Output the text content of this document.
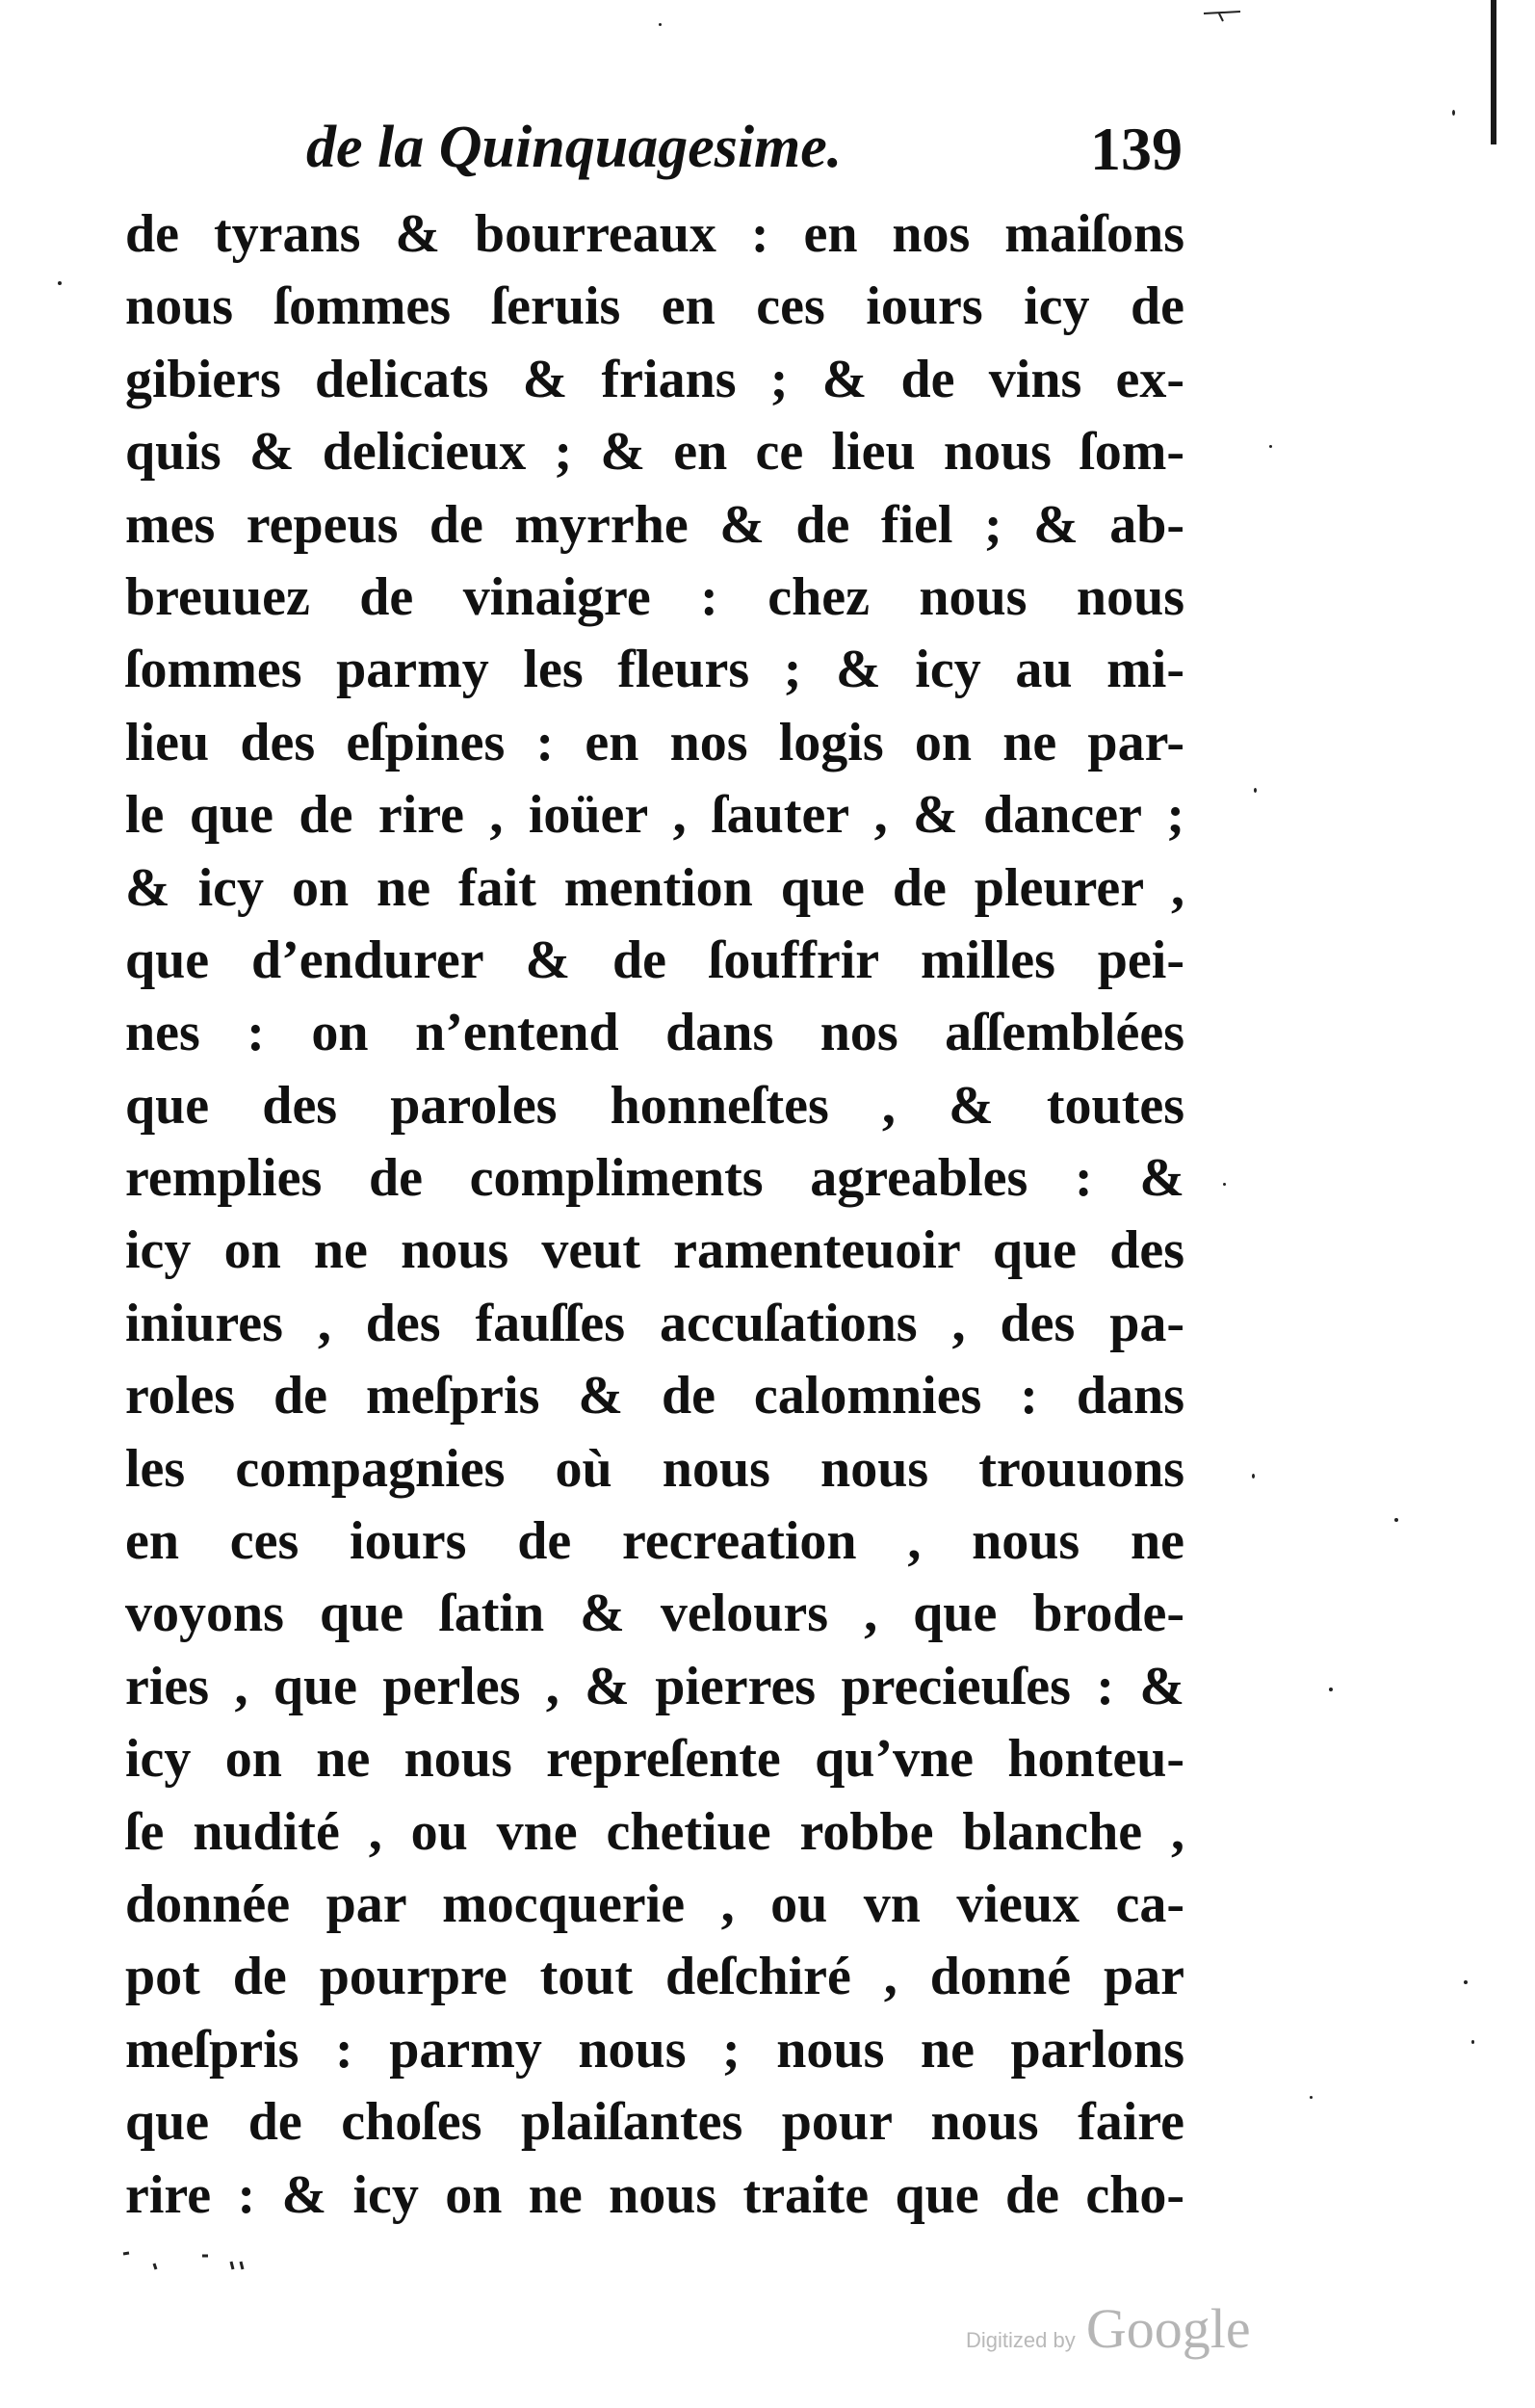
de la Quinquagesime.	139
de tyrans & bourreaux : en nos maiſons
nous ſommes ſeruis en ces iours icy de
gibiers delicats & frians ; & de vins ex-
quis & delicieux ; & en ce lieu nous ſom-
mes repeus de myrrhe & de fiel ; & ab-
breuuez de vinaigre : chez nous nous
ſommes parmy les fleurs ; & icy au mi-
lieu des eſpines : en nos logis on ne par-
le que de rire , ioüer , ſauter , & dancer ;
& icy on ne fait mention que de pleurer ,
que d’endurer & de ſouffrir milles pei-
nes : on n’entend dans nos aſſemblées
que des paroles honneſtes , & toutes
remplies de compliments agreables : &
icy on ne nous veut ramenteuoir que des
iniures , des fauſſes accuſations , des pa-
roles de meſpris & de calomnies : dans
les compagnies où nous nous trouuons
en ces iours de recreation , nous ne
voyons que ſatin & velours , que brode-
ries , que perles , & pierres precieuſes : &
icy on ne nous repreſente qu’vne honteu-
ſe nudité , ou vne chetiue robbe blanche ,
donnée par mocquerie , ou vn vieux ca-
pot de pourpre tout deſchiré , donné par
meſpris : parmy nous ; nous ne parlons
que de choſes plaiſantes pour nous faire
rire : & icy on ne nous traite que de cho-
Digitized by Google
